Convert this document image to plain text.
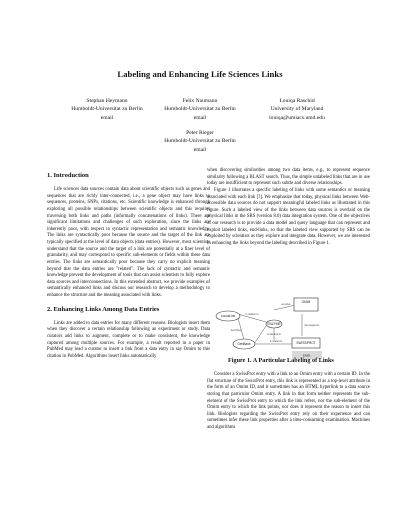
Labeling and Enhancing Life Sciences Links
Stephan Heymann
Humboldt-Universitat zu Berlin
email
Felix Naumann
Humboldt-Universitat zu Berlin
email
Louiqa Raschid
University of Maryland
louiqa@umiacs.umd.edu
Peter Rieger
Humboldt-Universitat zu Berlin
email
1. Introduction

Life sciences data sources contain data about scientific objects such as genes and sequences that are richly inter-connected, i.e., a gene object may have links to sequences, proteins, SNPs, citations, etc. Scientific knowledge is enhanced through exploring all possible relationships between scientific objects and this requires traversing both links and paths (informally concatenations of links). There are significant limitations and challenges of such exploration, since the links are inherently poor, with respect to syntactic representation and semantic knowledge. The links are syntactically poor because the source and the target of the link are typically specified at the level of data objects (data entries). However, most scientists understand that the source and the target of a link are potentially at a finer level of granularity, and may correspond to specific sub-elements or fields within these data entries. The links are semantically poor because they carry no explicit meaning beyond that the data entries are "related". The lack of syntactic and semantic knowledge prevent the development of tools that can assist scientists to fully explore data sources and interconnections. In this extended abstract, we provide examples of semantically enhanced links and discuss our research to develop a methodology to enhance the structure and the meaning associated with links.

2. Enhancing Links Among Data Entries

Links are added to data entries for many different reasons. Biologists insert them when they discover a certain relationship following an experiment or study. Data curators add links to augment, complete or to make consistent, the knowledge captured among multiple sources. For example, a result reported in a paper in PubMed may lead a curator to insert a link from a data entry in say Omim to this citation in PubMed. Algorithms insert links automatically

when discovering similarities among two data items, e.g., to represent sequence similarity following a BLAST search. Thus, the simple unlabeled links that are in use today are insufficient to represent such subtle and diverse relationships.

Figure 1 illustrates a specific labeling of links with some semantics or meaning associated with each link [?]. We emphasize that today, physical links between Web-accessible data sources do not support meaningful labeled links as illustrated in this figure. Such a labeled view of the links between data sources is overlaid on the physical links in the SRS (version 8.0) data integration system. One of the objectives of our research is to provide a data model and query language that can represent and exploit labeled links, end-links, so that the labeled view supported by SRS can be exploited by scientists as they explore and integrate data. However, we are interested in enhancing the links beyond the labeling described in Figure 1.

OMIM
LocusLink
GenBank	SWISSPROT
ENZYME
is relation to
encodes
describes
is identical to
is related to
has sequence
EMBL
Figure 1. A Particular Labeling of Links

Consider a SwissProt entry with a link to an Omim entry with a certain ID. In the flat structure of the SwissProt entry, this link is represented as a top-level attribute in the form of an Omim ID, and it sometimes has an HTML hyperlink to a data source storing that particular Omim entry. A link in that form neither represents the sub-element of the SwissProt entry to which the link refers, nor the sub-element of the Omim entry to which the link points, nor does it represent the reason to insert this link. Biologists regarding the SwissProt entry rely on their experience and can sometimes infer these link properties after a time-consuming examination. Machines and algorithms
